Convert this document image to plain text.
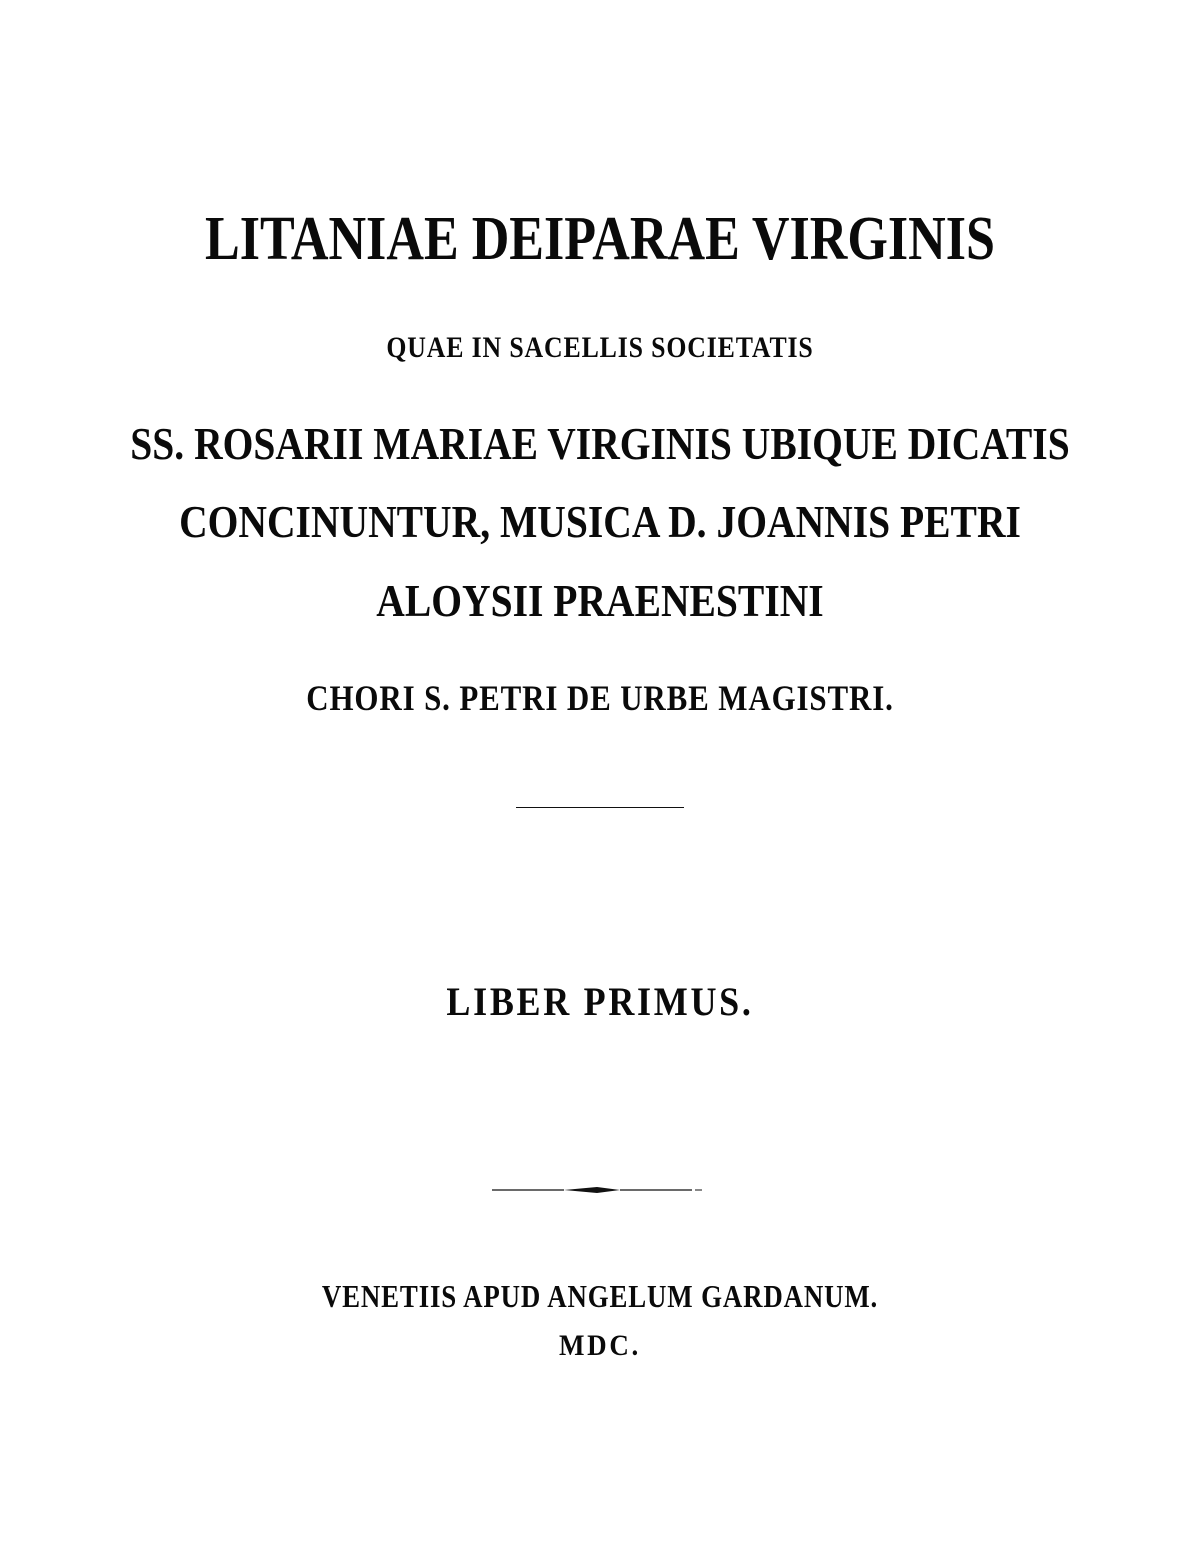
LITANIAE DEIPARAE VIRGINIS
QUAE IN SACELLIS SOCIETATIS
SS. ROSARII MARIAE VIRGINIS UBIQUE DICATIS
CONCINUNTUR, MUSICA D. JOANNIS PETRI
ALOYSII PRAENESTINI
CHORI S. PETRI DE URBE MAGISTRI.
LIBER PRIMUS.
VENETIIS APUD ANGELUM GARDANUM.
MDC.
